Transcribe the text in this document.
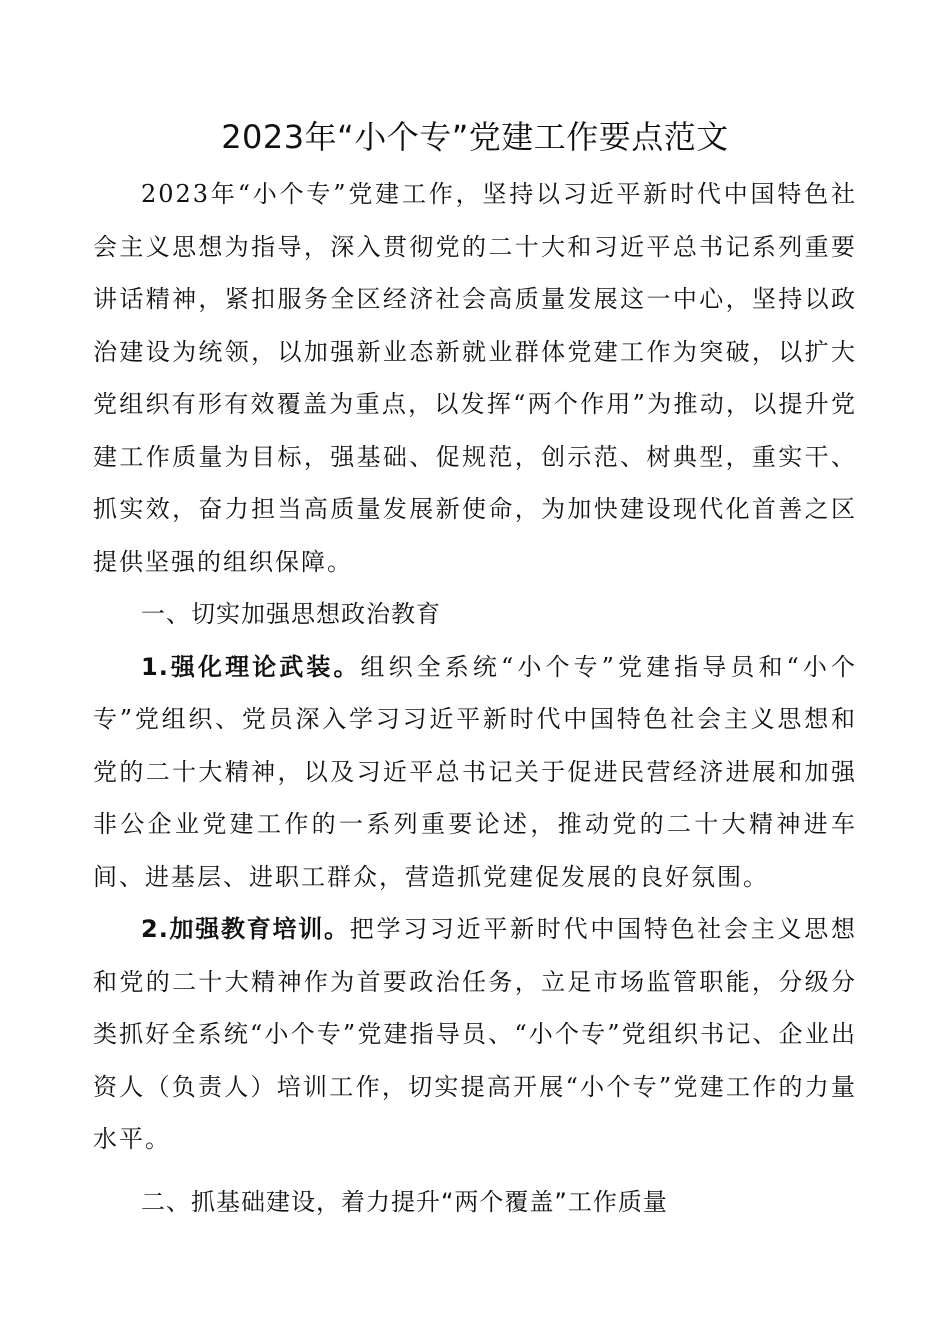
2023年“小个专”党建工作要点范文

2023年“小个专”党建工作，坚持以习近平新时代中国特色社会主义思想为指导，深入贯彻党的二十大和习近平总书记系列重要讲话精神，紧扣服务全区经济社会高质量发展这一中心，坚持以政治建设为统领，以加强新业态新就业群体党建工作为突破，以扩大党组织有形有效覆盖为重点，以发挥“两个作用”为推动，以提升党建工作质量为目标，强基础、促规范，创示范、树典型，重实干、抓实效，奋力担当高质量发展新使命，为加快建设现代化首善之区提供坚强的组织保障。

一、切实加强思想政治教育

1.强化理论武装。组织全系统“小个专”党建指导员和“小个专”党组织、党员深入学习习近平新时代中国特色社会主义思想和党的二十大精神，以及习近平总书记关于促进民营经济进展和加强非公企业党建工作的一系列重要论述，推动党的二十大精神进车间、进基层、进职工群众，营造抓党建促发展的良好氛围。

2.加强教育培训。把学习习近平新时代中国特色社会主义思想和党的二十大精神作为首要政治任务，立足市场监管职能，分级分类抓好全系统“小个专”党建指导员、“小个专”党组织书记、企业出资人（负责人）培训工作，切实提高开展“小个专”党建工作的力量水平。

二、抓基础建设，着力提升“两个覆盖”工作质量
